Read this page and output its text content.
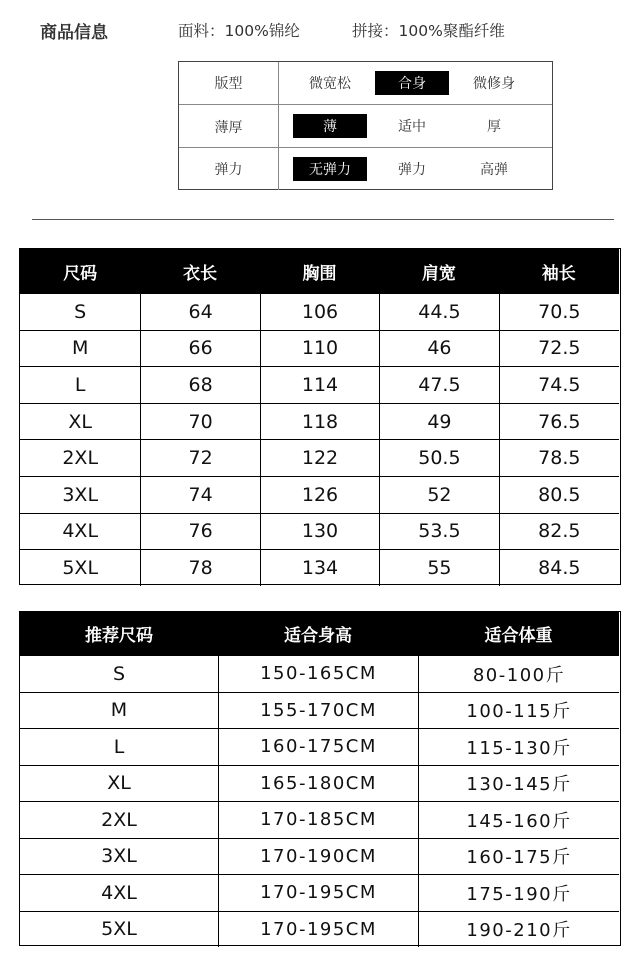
商品信息	面料：100%锦纶	拼接：100%聚酯纤维
版型	微宽松	合身	微修身
薄厚	薄	适中	厚
弹力	无弹力	弹力	高弹
尺码	衣长	胸围	肩宽	袖长
S	64	106	44.5	70.5
M	66	110	46	72.5
L	68	114	47.5	74.5
XL	70	118	49	76.5
2XL	72	122	50.5	78.5
3XL	74	126	52	80.5
4XL	76	130	53.5	82.5
5XL	78	134	55	84.5
推荐尺码	适合身高	适合体重
S	150-165CM	80-100斤
M	155-170CM	100-115斤
L	160-175CM	115-130斤
XL	165-180CM	130-145斤
2XL	170-185CM	145-160斤
3XL	170-190CM	160-175斤
4XL	170-195CM	175-190斤
5XL	170-195CM	190-210斤
